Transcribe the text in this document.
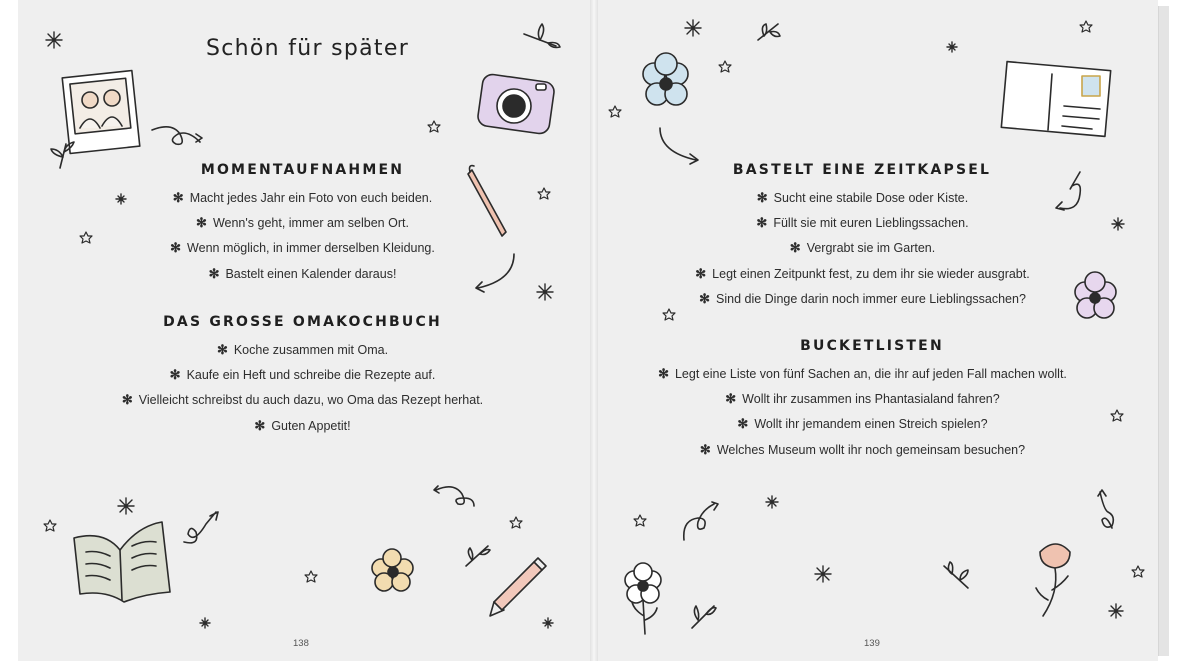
Schön für später
MOMENTAUFNAHMEN
✻ Macht jedes Jahr ein Foto von euch beiden.
✻ Wenn's geht, immer am selben Ort.
✻ Wenn möglich, in immer derselben Kleidung.
✻ Bastelt einen Kalender daraus!
DAS GROSSE OMAKOCHBUCH
✻ Koche zusammen mit Oma.
✻ Kaufe ein Heft und schreibe die Rezepte auf.
✻ Vielleicht schreibst du auch dazu, wo Oma das Rezept herhat.
✻ Guten Appetit!
138
BASTELT EINE ZEITKAPSEL
✻ Sucht eine stabile Dose oder Kiste.
✻ Füllt sie mit euren Lieblingssachen.
✻ Vergrabt sie im Garten.
✻ Legt einen Zeitpunkt fest, zu dem ihr sie wieder ausgrabt.
✻ Sind die Dinge darin noch immer eure Lieblingssachen?
BUCKETLISTEN
✻ Legt eine Liste von fünf Sachen an, die ihr auf jeden Fall machen wollt.
✻ Wollt ihr zusammen ins Phantasialand fahren?
✻ Wollt ihr jemandem einen Streich spielen?
✻ Welches Museum wollt ihr noch gemeinsam besuchen?
139
